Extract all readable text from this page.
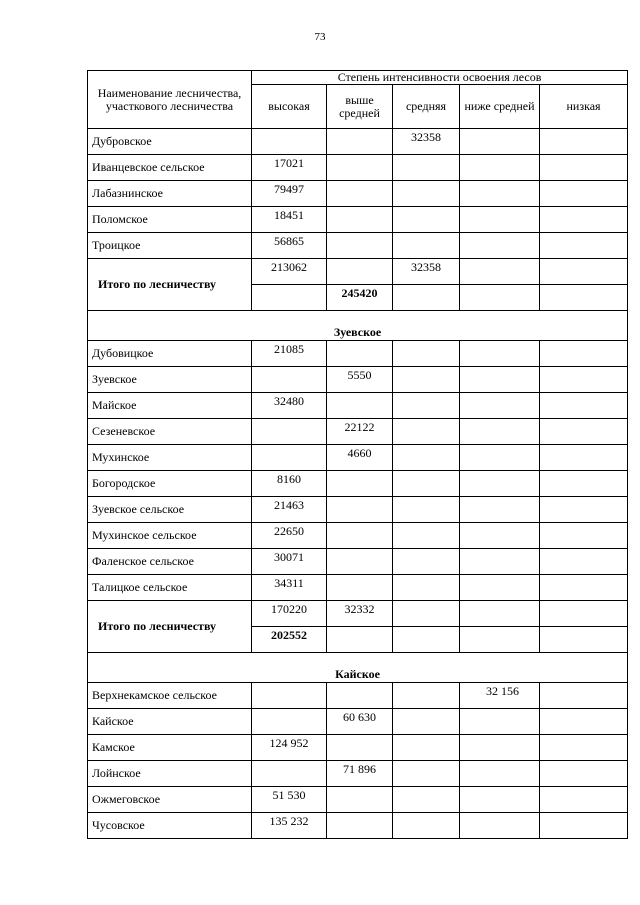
73
Наименование лесничества, участкового лесничества	Степень интенсивности освоения лесов				
	высокая	выше средней	средняя	ниже средней	низкая
Дубровское			32358		
Иванцевское сельское	17021				
Лабазнинское	79497				
Поломское	18451				
Троицкое	56865				
Итого по лесничеству	213062		32358		
		245420			
Зуевское					
Дубовицкое	21085				
Зуевское		5550			
Майское	32480				
Сезеневское		22122			
Мухинское		4660			
Богородское	8160				
Зуевское сельское	21463				
Мухинское сельское	22650				
Фаленское сельское	30071				
Талицкое сельское	34311				
Итого по лесничеству	170220	32332			
	202552				
Кайское					
Верхнекамское сельское				32 156	
Кайское		60 630			
Камское	124 952				
Лойнское		71 896			
Ожмеговское	51 530				
Чусовское	135 232				
